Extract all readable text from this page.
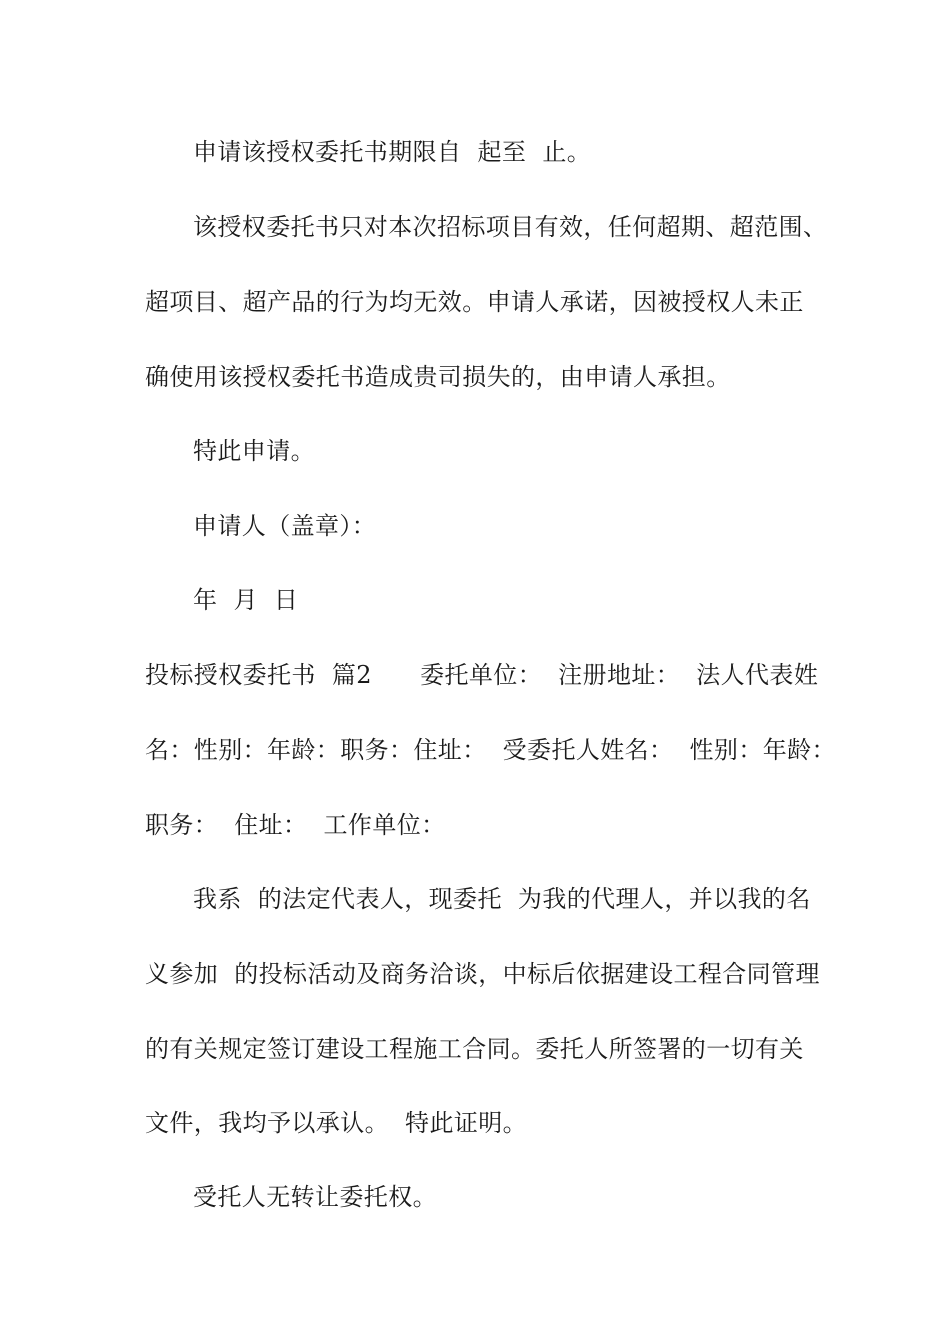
申请该授权委托书期限自  起至  止。
该授权委托书只对本次招标项目有效，任何超期、超范围、
超项目、超产品的行为均无效。申请人承诺，因被授权人未正
确使用该授权委托书造成贵司损失的，由申请人承担。
特此申请。
申请人（盖章）：
年  月  日
投标授权委托书  篇2      委托单位：  注册地址：  法人代表姓
名：性别：年龄：职务：住址：  受委托人姓名：  性别：年龄：
职务：  住址：  工作单位：
我系  的法定代表人，现委托  为我的代理人，并以我的名
义参加  的投标活动及商务洽谈，中标后依据建设工程合同管理
的有关规定签订建设工程施工合同。委托人所签署的一切有关
文件，我均予以承认。  特此证明。
受托人无转让委托权。
